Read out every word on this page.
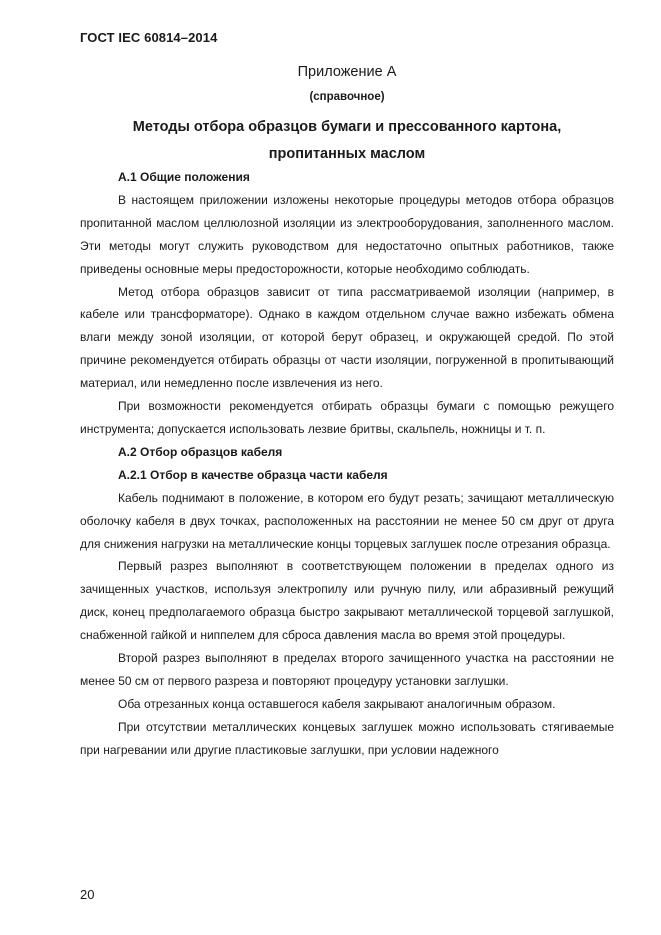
ГОСТ IEC 60814–2014
Приложение А
(справочное)
Методы отбора образцов бумаги и прессованного картона,
пропитанных маслом

А.1 Общие положения

В настоящем приложении изложены некоторые процедуры методов отбора образцов пропитанной маслом целлюлозной изоляции из электрооборудования, заполненного маслом. Эти методы могут служить руководством для недостаточно опытных работников, также приведены основные меры предосторожности, которые необходимо соблюдать.

Метод отбора образцов зависит от типа рассматриваемой изоляции (например, в кабеле или трансформаторе). Однако в каждом отдельном случае важно избежать обмена влаги между зоной изоляции, от которой берут образец, и окружающей средой. По этой причине рекомендуется отбирать образцы от части изоляции, погруженной в пропитывающий материал, или немедленно после извлечения из него.

При возможности рекомендуется отбирать образцы бумаги с помощью режущего инструмента; допускается использовать лезвие бритвы, скальпель, ножницы и т. п.

А.2 Отбор образцов кабеля

А.2.1 Отбор в качестве образца части кабеля

Кабель поднимают в положение, в котором его будут резать; зачищают металлическую оболочку кабеля в двух точках, расположенных на расстоянии не менее 50 см друг от друга для снижения нагрузки на металлические концы торцевых заглушек после отрезания образца.

Первый разрез выполняют в соответствующем положении в пределах одного из зачищенных участков, используя электропилу или ручную пилу, или абразивный режущий диск, конец предполагаемого образца быстро закрывают металлической торцевой заглушкой, снабженной гайкой и ниппелем для сброса давления масла во время этой процедуры.

Второй разрез выполняют в пределах второго зачищенного участка на расстоянии не менее 50 см от первого разреза и повторяют процедуру установки заглушки.

Оба отрезанных конца оставшегося кабеля закрывают аналогичным образом.

При отсутствии металлических концевых заглушек можно использовать стягиваемые при нагревании или другие пластиковые заглушки, при условии надежного

20
